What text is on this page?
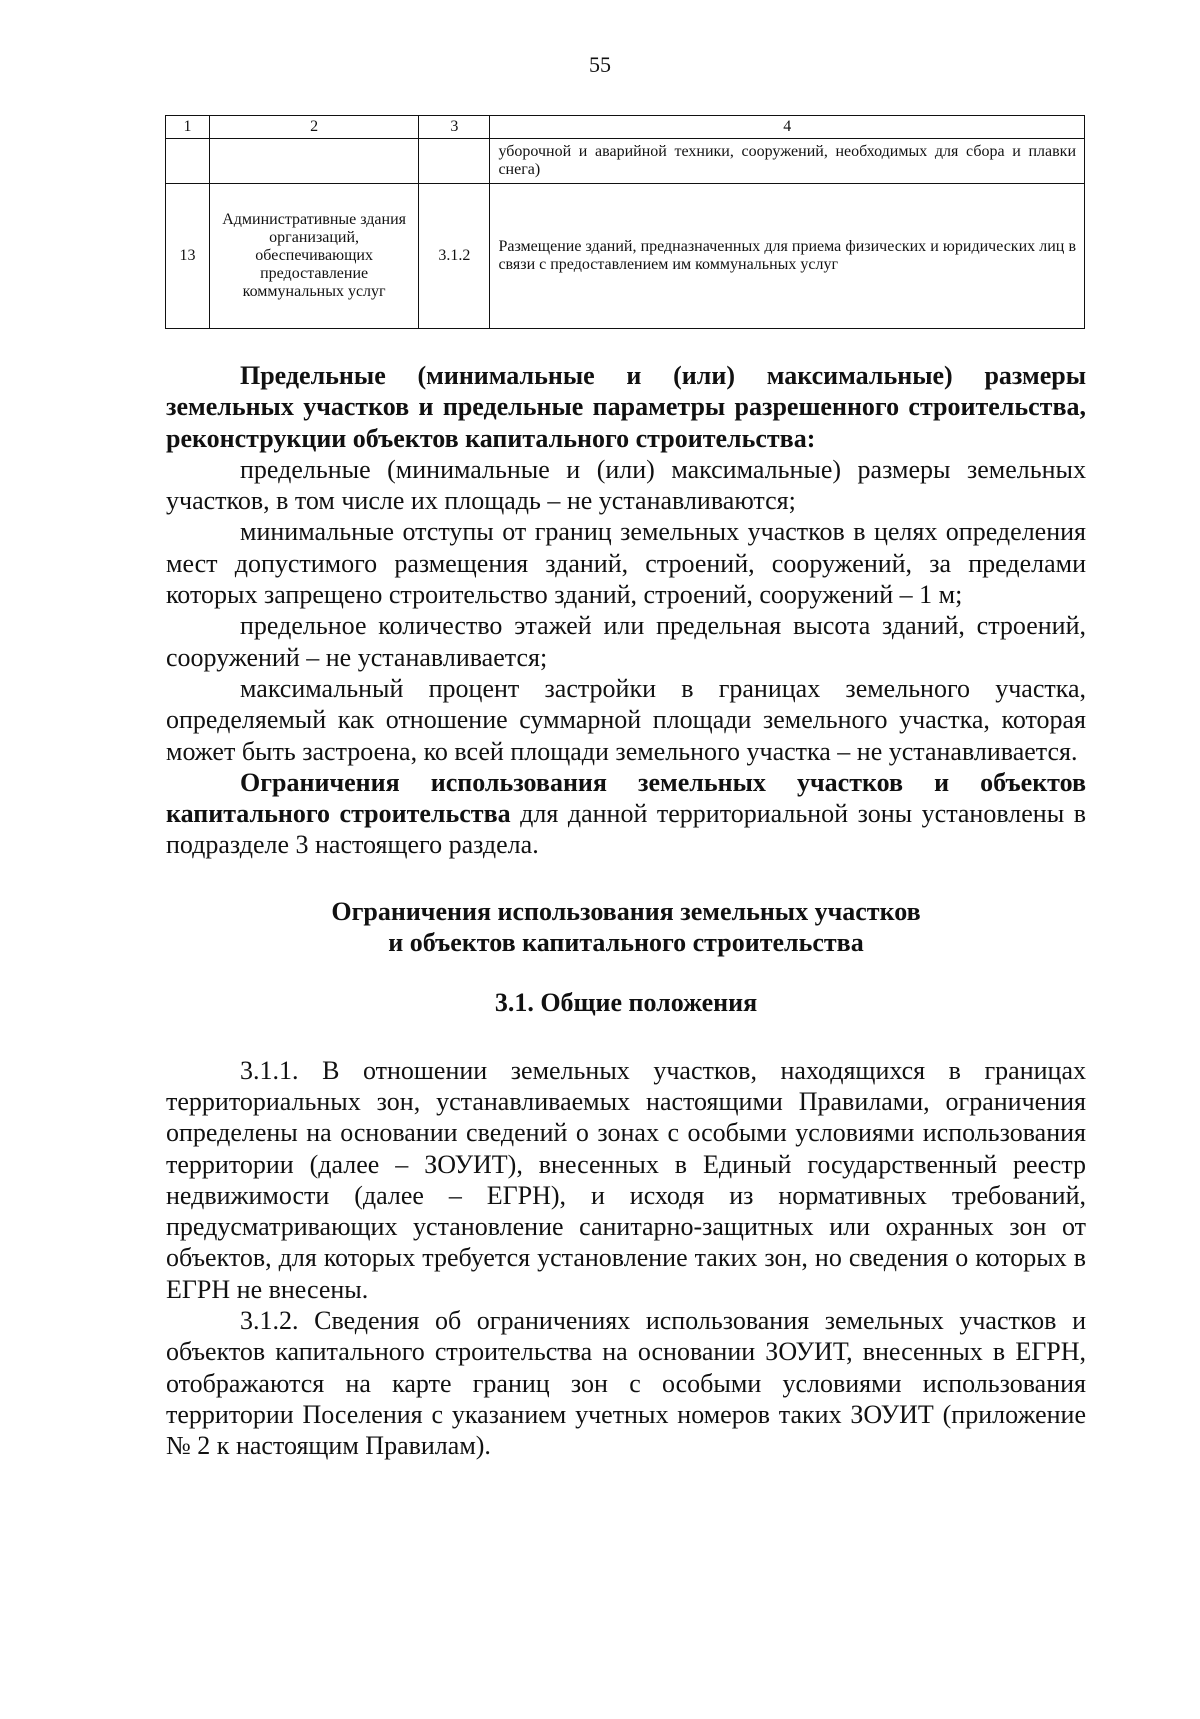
55
1	2	3	4
			уборочной и аварийной техники, сооружений, необходимых для сбора и плавки снега)
13	Административные здания организаций, обеспечивающих предоставление коммунальных услуг	3.1.2	Размещение зданий, предназначенных для приема физических и юридических лиц в связи с предоставлением им коммунальных услуг

Предельные (минимальные и (или) максимальные) размеры земельных участков и предельные параметры разрешенного строительства, реконструкции объектов капитального строительства:

предельные (минимальные и (или) максимальные) размеры земельных участков, в том числе их площадь – не устанавливаются;

минимальные отступы от границ земельных участков в целях определения мест допустимого размещения зданий, строений, сооружений, за пределами которых запрещено строительство зданий, строений, сооружений – 1 м;

предельное количество этажей или предельная высота зданий, строений, сооружений – не устанавливается;

максимальный процент застройки в границах земельного участка, определяемый как отношение суммарной площади земельного участка, которая может быть застроена, ко всей площади земельного участка – не устанавливается.

Ограничения использования земельных участков и объектов капитального строительства для данной территориальной зоны установлены в подразделе 3 настоящего раздела.

Ограничения использования земельных участков
и объектов капитального строительства

3.1. Общие положения

3.1.1. В отношении земельных участков, находящихся в границах территориальных зон, устанавливаемых настоящими Правилами, ограничения определены на основании сведений о зонах с особыми условиями использования территории (далее – ЗОУИТ), внесенных в Единый государственный реестр недвижимости (далее – ЕГРН), и исходя из нормативных требований, предусматривающих установление санитарно-защитных или охранных зон от объектов, для которых требуется установление таких зон, но сведения о которых в ЕГРН не внесены.

3.1.2. Сведения об ограничениях использования земельных участков и объектов капитального строительства на основании ЗОУИТ, внесенных в ЕГРН, отображаются на карте границ зон с особыми условиями использования территории Поселения с указанием учетных номеров таких ЗОУИТ (приложение № 2 к настоящим Правилам).
